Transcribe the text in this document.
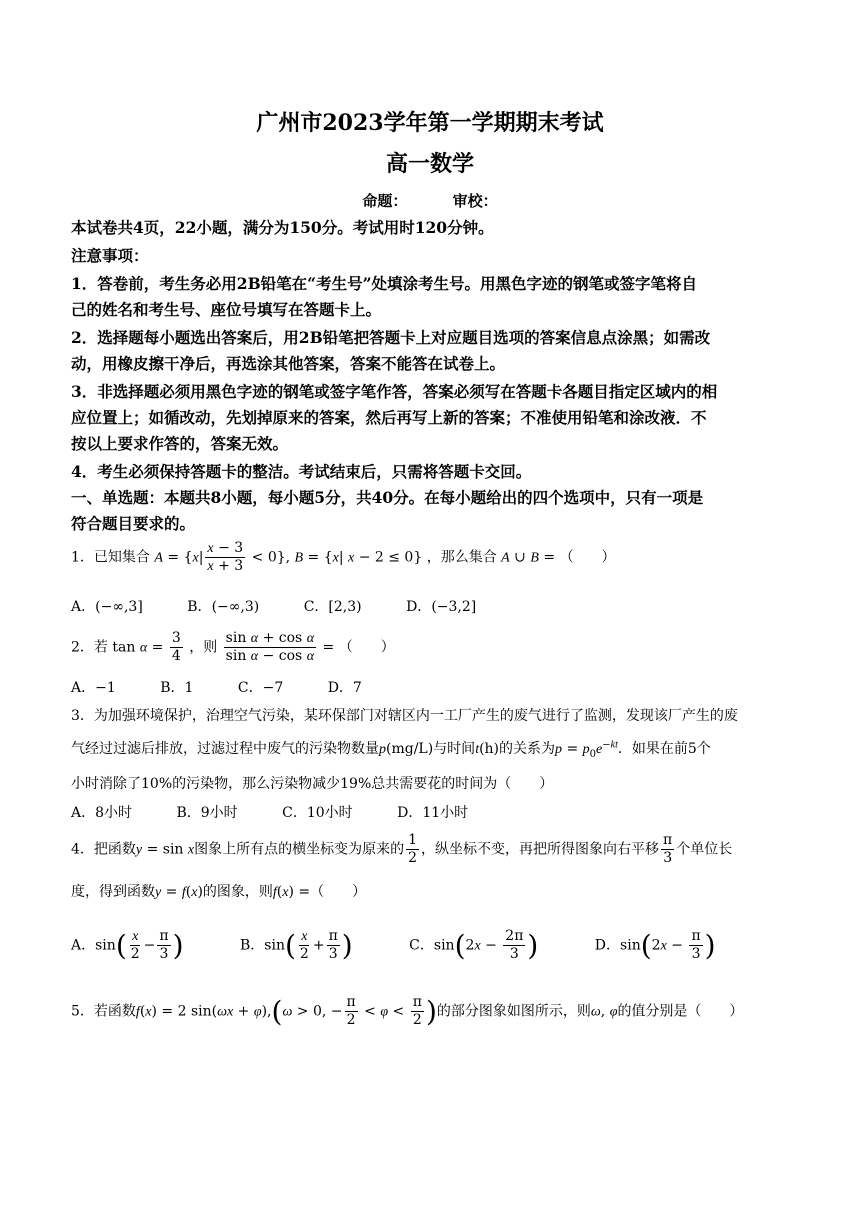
广州市2023学年第一学期期末考试
高一数学
命题：	审校：
本试卷共4页，22小题，满分为150分。考试用时120分钟。
注意事项：
1．答卷前，考生务必用2B铅笔在“考生号”处填涂考生号。用黑色字迹的钢笔或签字笔将自
己的姓名和考生号、座位号填写在答题卡上。
2．选择题每小题选出答案后，用2B铅笔把答题卡上对应题目选项的答案信息点涂黑；如需改
动，用橡皮擦干净后，再选涂其他答案，答案不能答在试卷上。
3．非选择题必须用黑色字迹的钢笔或签字笔作答，答案必须写在答题卡各题目指定区域内的相
应位置上；如循改动，先划掉原来的答案，然后再写上新的答案；不准使用铅笔和涂改液．不
按以上要求作答的，答案无效。
4．考生必须保持答题卡的整洁。考试结束后，只需将答题卡交回。
一、单选题：本题共8小题，每小题5分，共40分。在每小题给出的四个选项中，只有一项是
符合题目要求的。
1．已知集合 $A = \{x| \frac{x - 3}{x + 3} < 0\}$, B = {x| x − 2 ≤ 0} ，那么集合 A ∪ B = （　　）
A．(−∞,3]	B．(−∞,3)	C．[2,3)	D．(−3,2]
2．若 $\tan \alpha = \frac{3}{4}$ ，则 $\frac{\text{sin α + cos α}}{\text{sin α − cos α}}$ = （　　）
A．−1	B．1	C．−7	D．7
3．为加强环境保护，治理空气污染，某环保部门对辖区内一工厂产生的废气进行了监测，发现该厂产生的废
气经过过滤后排放，过滤过程中废气的污染物数量p(mg/L)与时间t(h)的关系为$p = p_0e^{-kt}$．如果在前5个
小时消除了10%的污染物，那么污染物减少19%总共需要花的时间为（　　）
A．8小时	B．9小时	C．10小时	D．11小时
4．把函数y = sin x图象上所有点的横坐标变为原来的 $\frac{1}{2}$ ，纵坐标不变，再把所得图象向右平移 $\frac{\pi}{3}$ 个单位长
度，得到函数y = f(x)的图象，则f(x) =（　　）
A．$\sin( \frac{x}{2} - \frac{\pi}{3}$ )	B．$\sin( \frac{x}{2} + \frac{\pi}{3}$ )	C．$\sin(2x - \frac{2\pi}{3}$ )	D．$\sin(2x - \frac{\pi}{3}$ )
5．若函数f(x) = 2 sin(ωx + φ),(ω > 0, − $\frac{\pi}{2} < \varphi < \frac{\pi}{2}$ )的部分图象如图所示，则ω, φ的值分别是（　　）
